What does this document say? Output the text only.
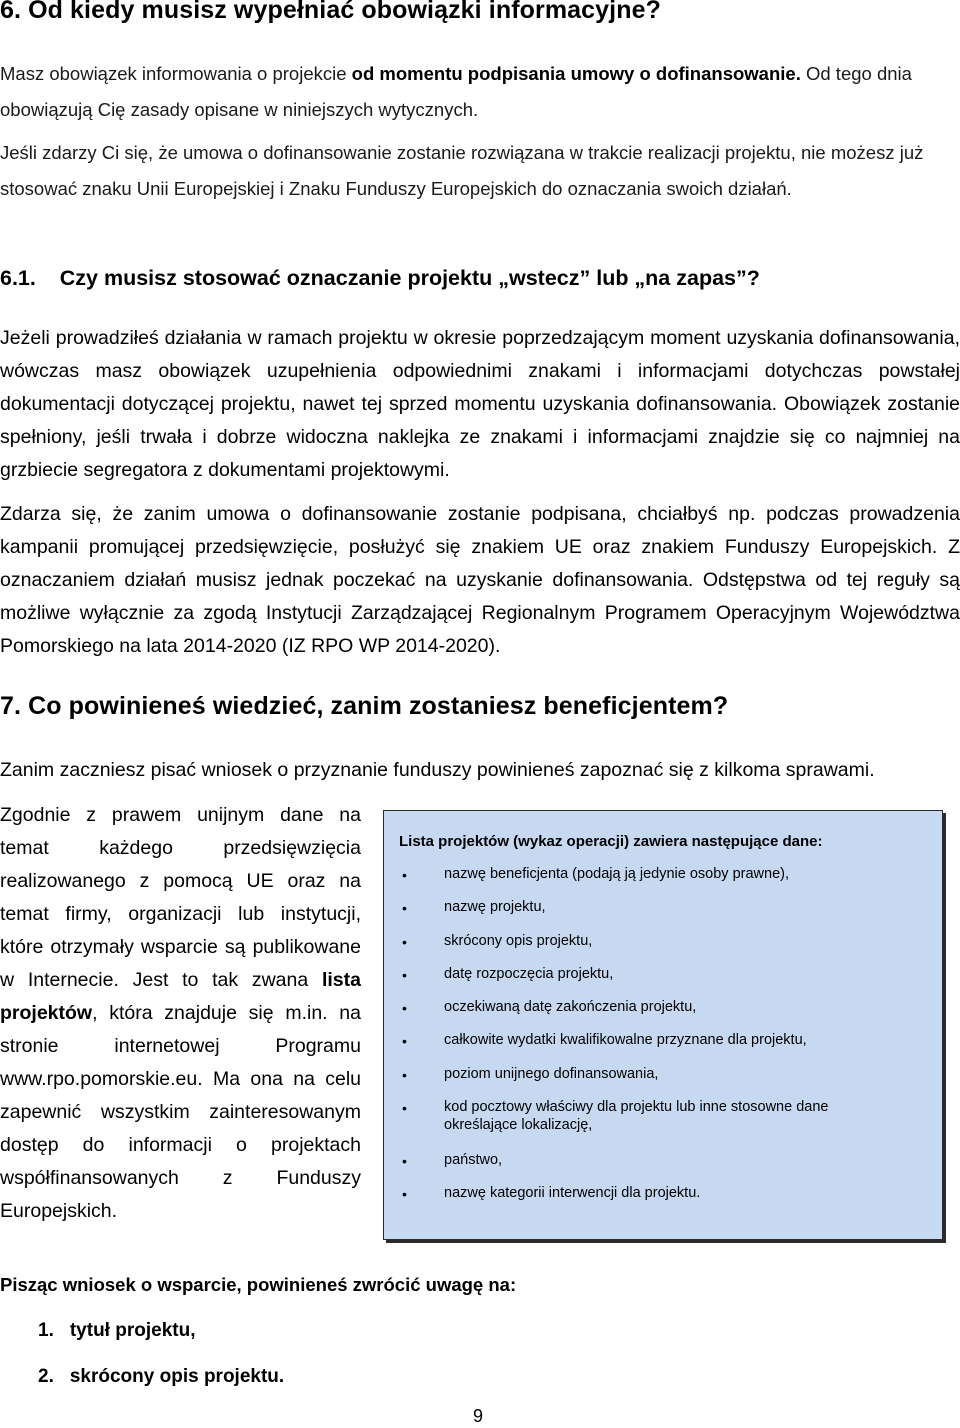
6. Od kiedy musisz wypełniać obowiązki informacyjne?
Masz obowiązek informowania o projekcie od momentu podpisania umowy o dofinansowanie. Od tego dnia obowiązują Cię zasady opisane w niniejszych wytycznych.
Jeśli zdarzy Ci się, że umowa o dofinansowanie zostanie rozwiązana w trakcie realizacji projektu, nie możesz już stosować znaku Unii Europejskiej i Znaku Funduszy Europejskich do oznaczania swoich działań.
6.1.    Czy musisz stosować oznaczanie projektu „wstecz” lub „na zapas”?
Jeżeli prowadziłeś działania w ramach projektu w okresie poprzedzającym moment uzyskania dofinansowania, wówczas masz obowiązek uzupełnienia odpowiednimi znakami i informacjami dotychczas powstałej dokumentacji dotyczącej projektu, nawet tej sprzed momentu uzyskania dofinansowania. Obowiązek zostanie spełniony, jeśli trwała i dobrze widoczna naklejka ze znakami i informacjami znajdzie się co najmniej na grzbiecie segregatora z dokumentami projektowymi.
Zdarza się, że zanim umowa o dofinansowanie zostanie podpisana, chciałbyś np. podczas prowadzenia kampanii promującej przedsięwzięcie, posłużyć się znakiem UE oraz znakiem Funduszy Europejskich. Z oznaczaniem działań musisz jednak poczekać na uzyskanie dofinansowania. Odstępstwa od tej reguły są możliwe wyłącznie za zgodą Instytucji Zarządzającej Regionalnym Programem Operacyjnym Województwa Pomorskiego na lata 2014-2020 (IZ RPO WP 2014-2020).
7. Co powinieneś wiedzieć, zanim zostaniesz beneficjentem?
Zanim zaczniesz pisać wniosek o przyznanie funduszy powinieneś zapoznać się z kilkoma sprawami.
Zgodnie z prawem unijnym dane na temat każdego przedsięwzięcia realizowanego z pomocą UE oraz na temat firmy, organizacji lub instytucji, które otrzymały wsparcie są publikowane w Internecie. Jest to tak zwana lista projektów, która znajduje się m.in. na stronie internetowej Programu www.rpo.pomorskie.eu. Ma ona na celu zapewnić wszystkim zainteresowanym dostęp do informacji o projektach współfinansowanych z Funduszy Europejskich.
Lista projektów (wykaz operacji) zawiera następujące dane:
•	nazwę beneficjenta (podają ją jedynie osoby prawne),
•	nazwę projektu,
•	skrócony opis projektu,
•	datę rozpoczęcia projektu,
•	oczekiwaną datę zakończenia projektu,
•	całkowite wydatki kwalifikowalne przyznane dla projektu,
•	poziom unijnego dofinansowania,
•	kod pocztowy właściwy dla projektu lub inne stosowne dane określające lokalizację,
•	państwo,
•	nazwę kategorii interwencji dla projektu.
Pisząc wniosek o wsparcie, powinieneś zwrócić uwagę na:
1. tytuł projektu,
2. skrócony opis projektu.
9
